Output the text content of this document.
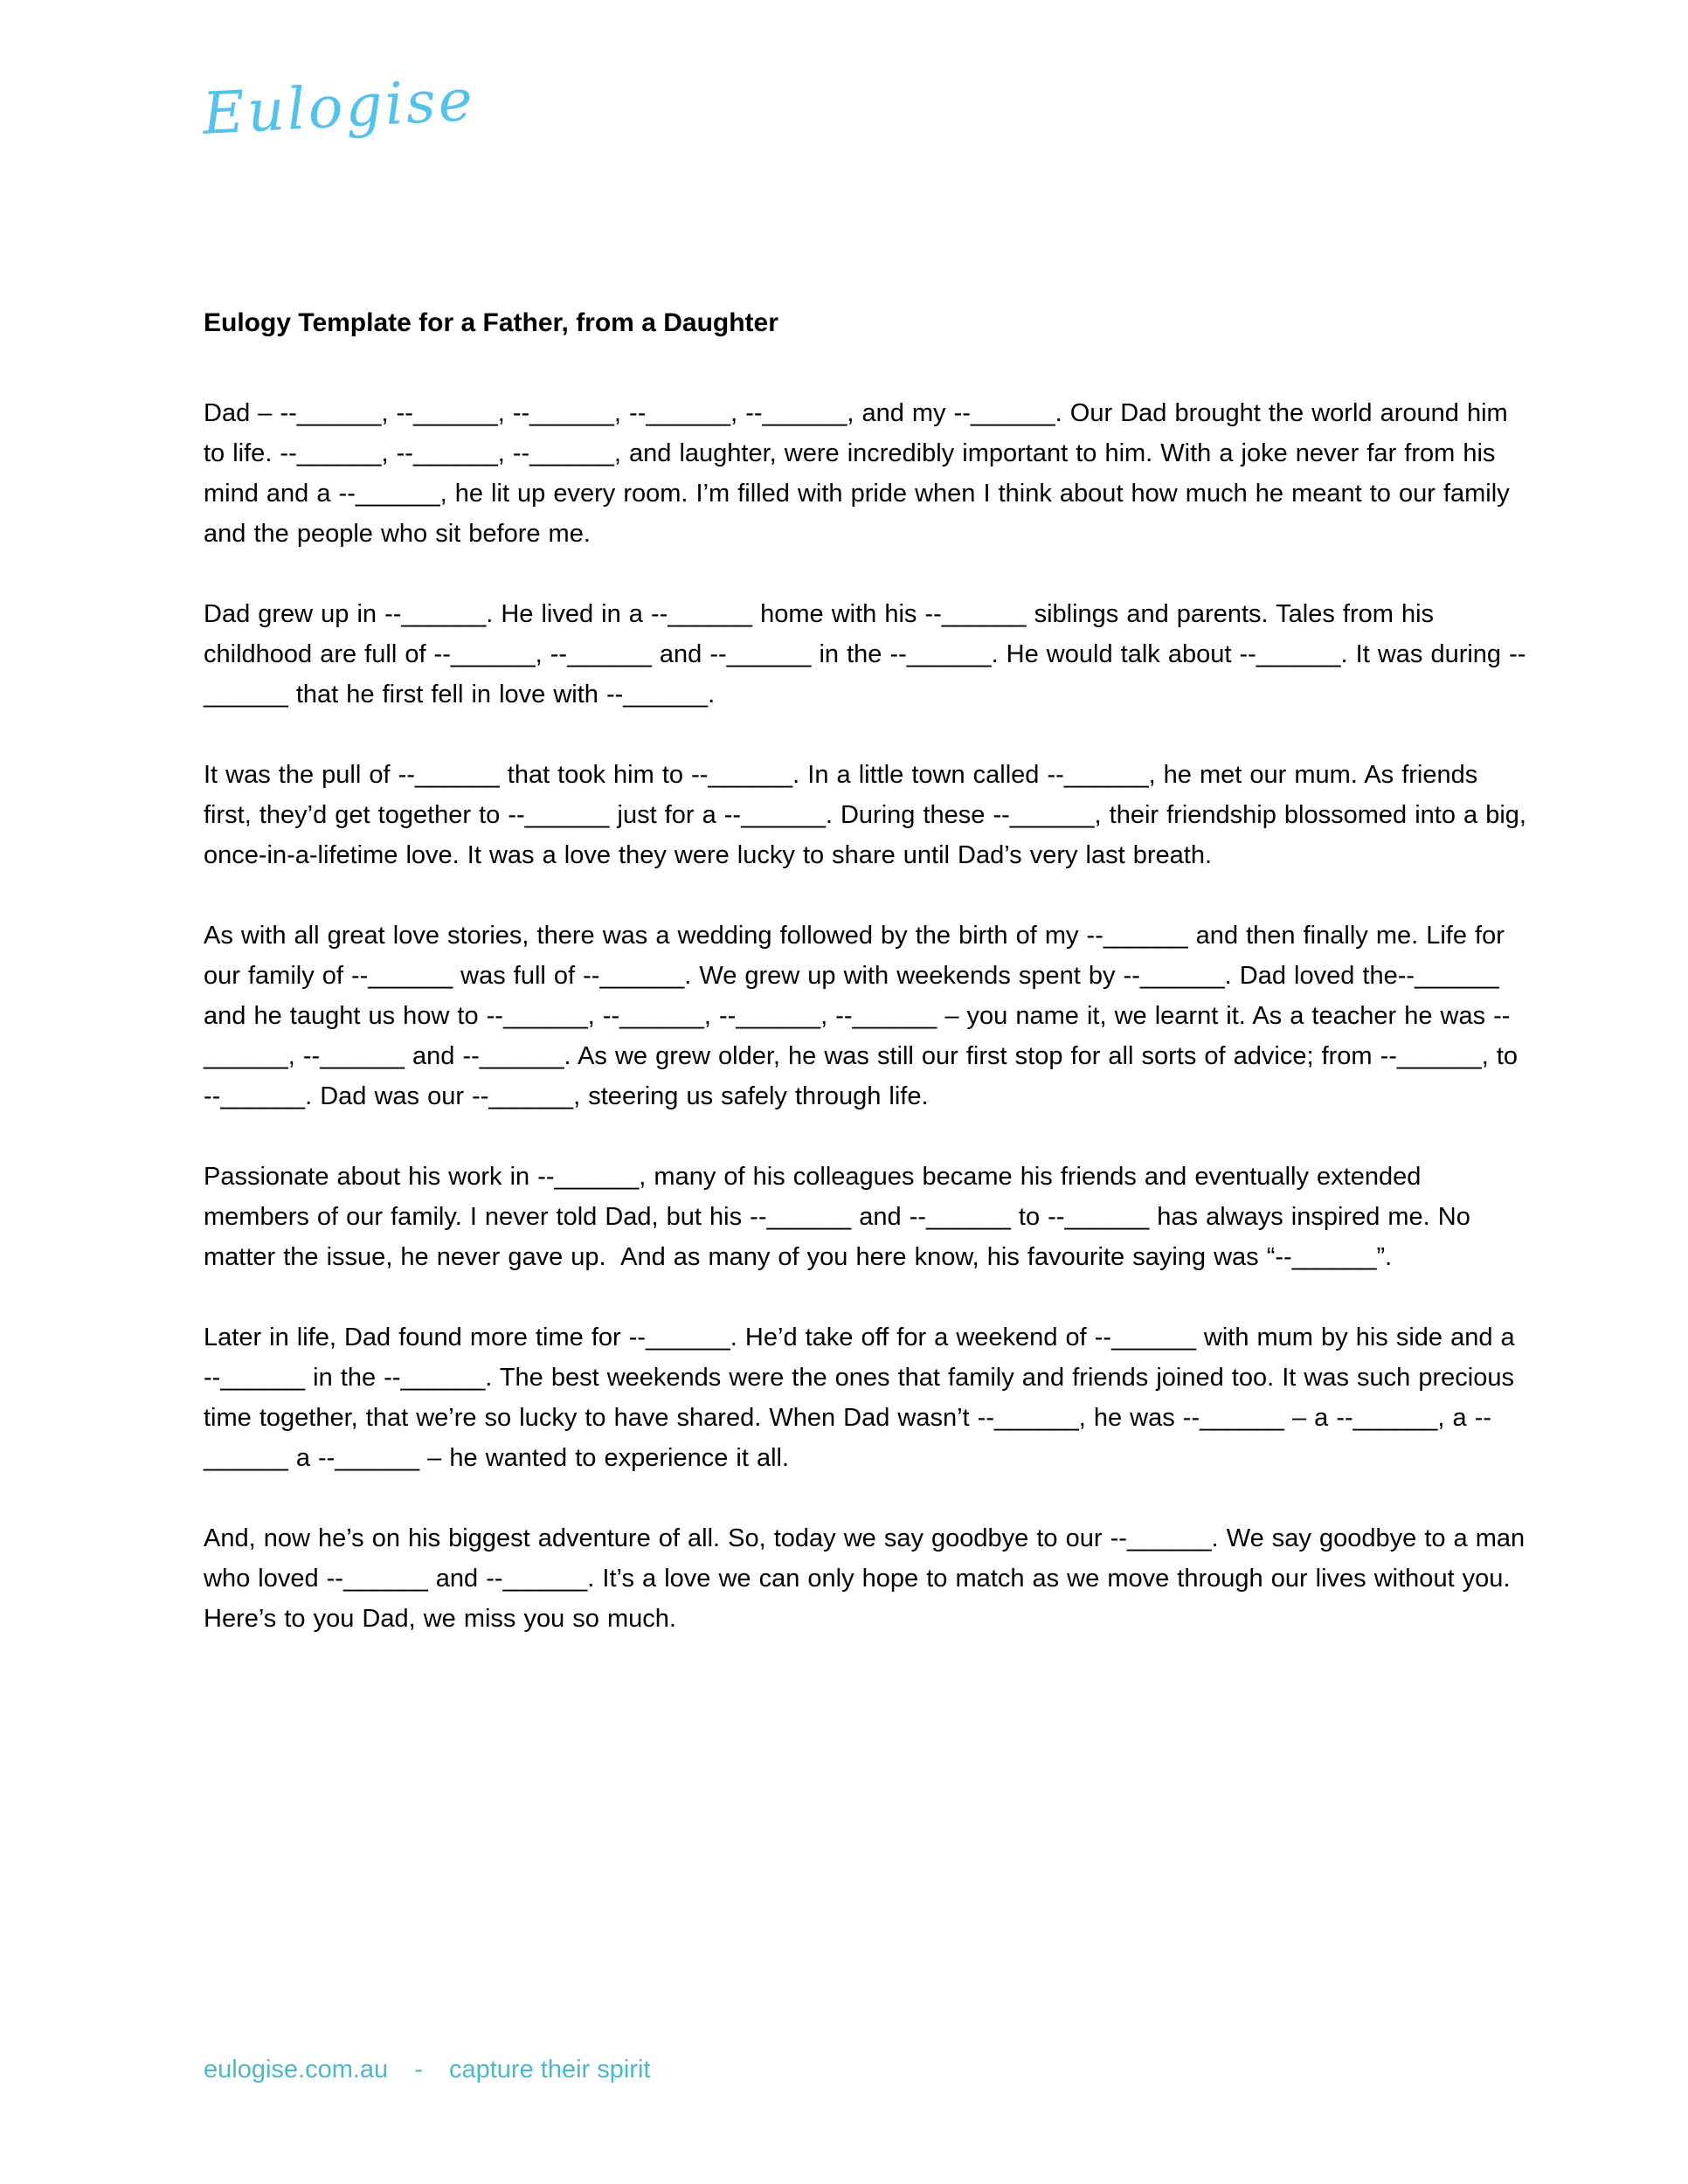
Eulogise
Eulogy Template for a Father, from a Daughter

Dad – --______, --______, --______, --______, --______, and my --______. Our Dad brought the world around him to life. --______, --______, --______, and laughter, were incredibly important to him. With a joke never far from his mind and a --______, he lit up every room. I’m filled with pride when I think about how much he meant to our family and the people who sit before me.

Dad grew up in --______. He lived in a --______ home with his --______ siblings and parents. Tales from his childhood are full of --______, --______ and --______ in the --______. He would talk about --______. It was during --______ that he first fell in love with --______.

It was the pull of --______ that took him to --______. In a little town called --______, he met our mum. As friends first, they’d get together to --______ just for a --______. During these --______, their friendship blossomed into a big, once-in-a-lifetime love. It was a love they were lucky to share until Dad’s very last breath.

As with all great love stories, there was a wedding followed by the birth of my --______ and then finally me. Life for our family of --______ was full of --______. We grew up with weekends spent by --______. Dad loved the--______ and he taught us how to --______, --______, --______, --______ – you name it, we learnt it. As a teacher he was --______, --______ and --______. As we grew older, he was still our first stop for all sorts of advice; from --______, to --______. Dad was our --______, steering us safely through life.

Passionate about his work in --______, many of his colleagues became his friends and eventually extended members of our family. I never told Dad, but his --______ and --______ to --______ has always inspired me. No matter the issue, he never gave up.  And as many of you here know, his favourite saying was “--______”.

Later in life, Dad found more time for --______. He’d take off for a weekend of --______ with mum by his side and a --______ in the --______. The best weekends were the ones that family and friends joined too. It was such precious time together, that we’re so lucky to have shared. When Dad wasn’t --______, he was --______ – a --______, a --______ a --______ – he wanted to experience it all.

And, now he’s on his biggest adventure of all. So, today we say goodbye to our --______. We say goodbye to a man who loved --______ and --______. It’s a love we can only hope to match as we move through our lives without you. Here’s to you Dad, we miss you so much.

eulogise.com.au - capture their spirit
